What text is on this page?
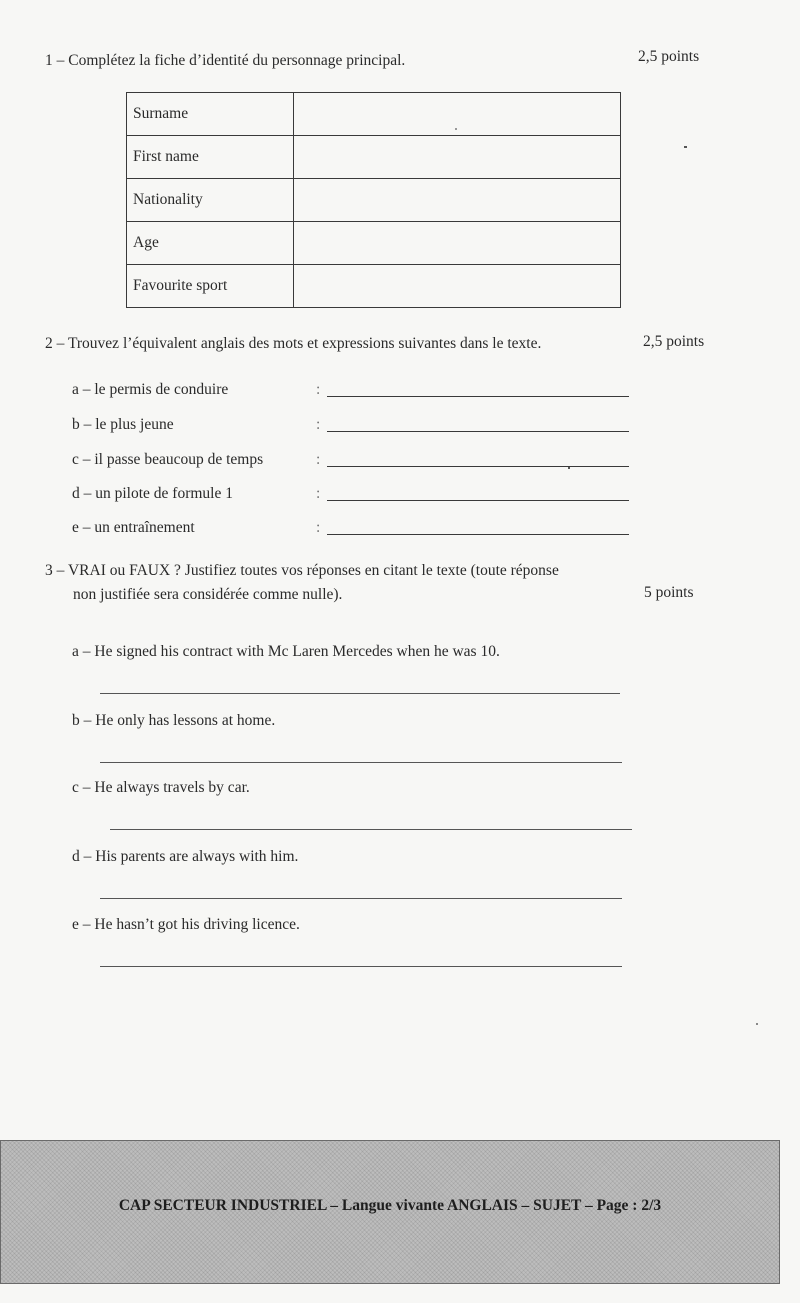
1 – Complétez la fiche d’identité du personnage principal.	2,5 points
Surname	
First name	
Nationality	
Age	
Favourite sport	
2 – Trouvez l’équivalent anglais des mots et expressions suivantes dans le texte.	2,5 points
a – le permis de conduire	:
b – le plus jeune	:
c – il passe beaucoup de temps	:
d – un pilote de formule 1	:
e – un entraînement	:
3 – VRAI ou FAUX ? Justifiez toutes vos réponses en citant le texte (toute réponse
non justifiée sera considérée comme nulle).	5 points
a – He signed his contract with Mc Laren Mercedes when he was 10.
b – He only has lessons at home.
c – He always travels by car.
d – His parents are always with him.
e – He hasn’t got his driving licence.
CAP SECTEUR INDUSTRIEL – Langue vivante ANGLAIS – SUJET – Page : 2/3
